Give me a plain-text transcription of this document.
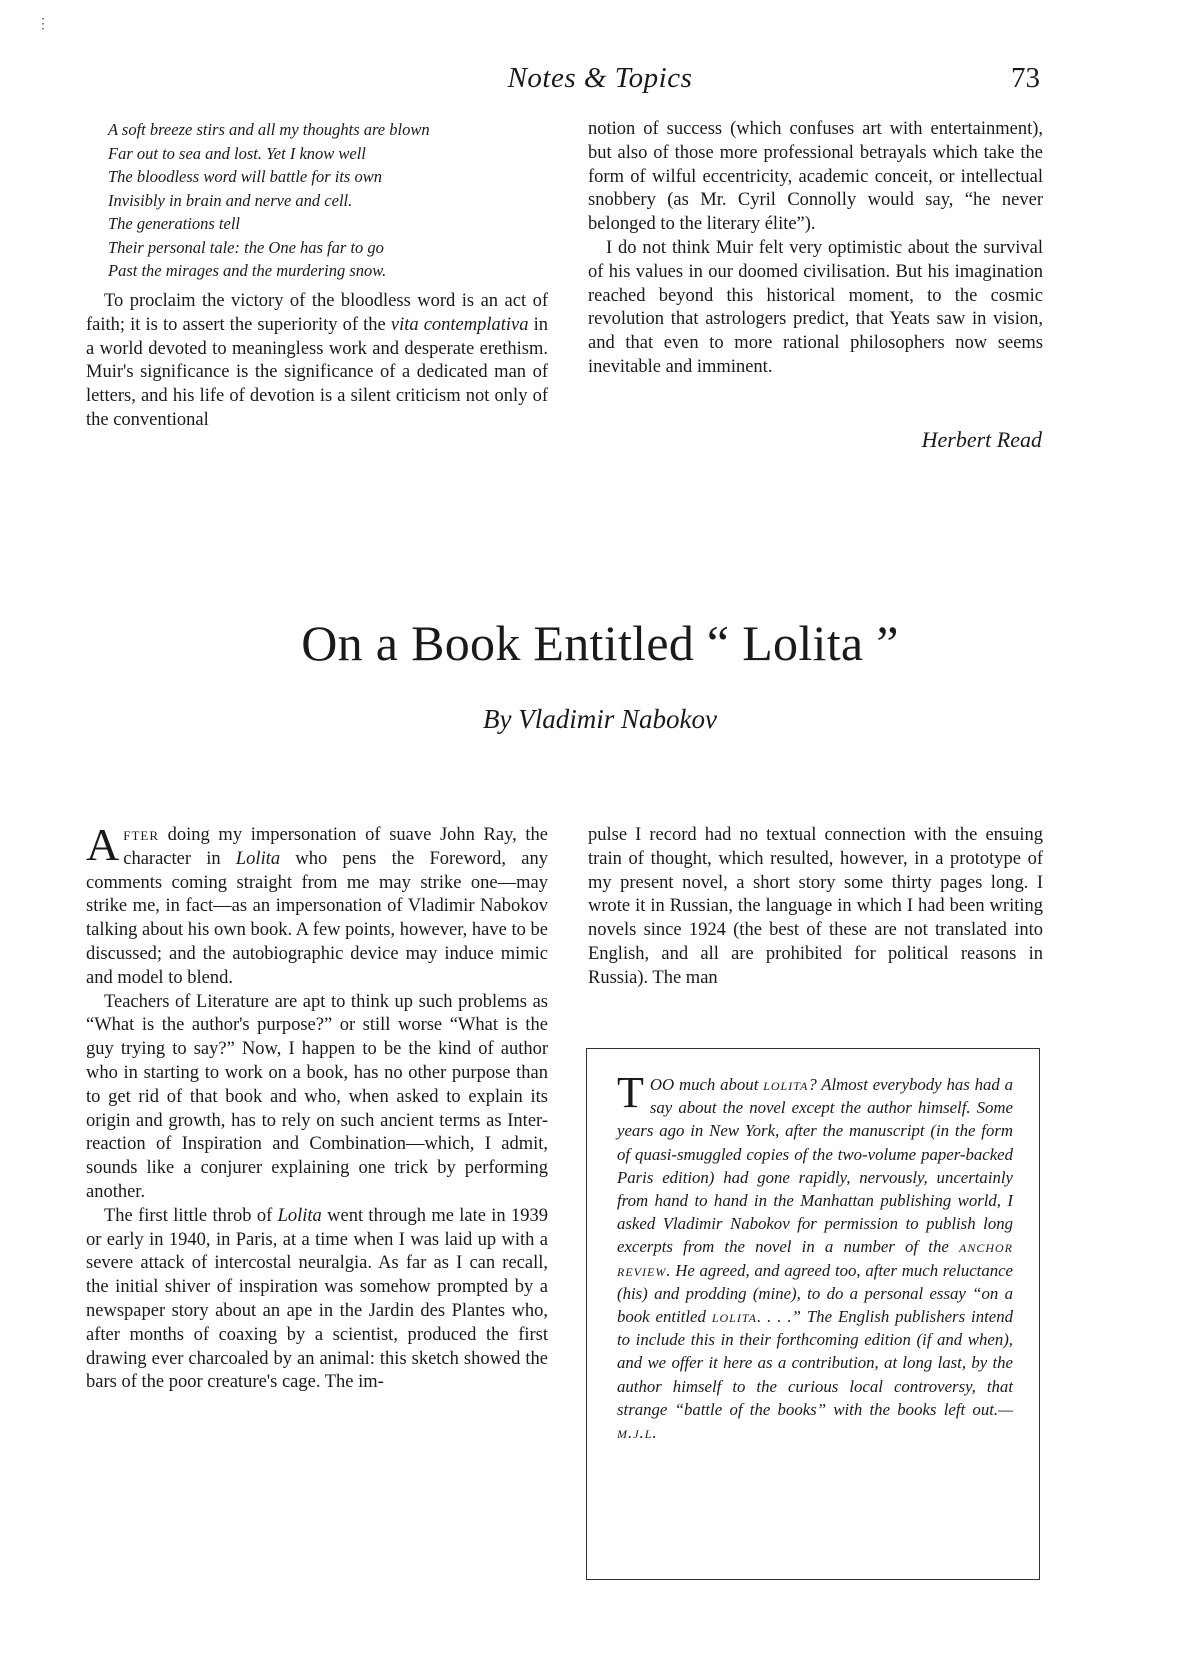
⋮
Notes & Topics	73
A soft breeze stirs and all my thoughts are blown
Far out to sea and lost. Yet I know well
The bloodless word will battle for its own
Invisibly in brain and nerve and cell.
The generations tell
Their personal tale: the One has far to go
Past the mirages and the murdering snow.

To proclaim the victory of the bloodless word is an act of faith; it is to assert the superiority of the vita contemplativa in a world devoted to meaningless work and desperate erethism. Muir's significance is the significance of a dedicated man of letters, and his life of devotion is a silent criticism not only of the conventional

notion of success (which confuses art with entertainment), but also of those more professional betrayals which take the form of wilful eccentricity, academic conceit, or intellectual snobbery (as Mr. Cyril Connolly would say, “he never belonged to the literary élite”).

I do not think Muir felt very optimistic about the survival of his values in our doomed civilisation. But his imagination reached beyond this historical moment, to the cosmic revolution that astrologers predict, that Yeats saw in vision, and that even to more rational philosophers now seems inevitable and imminent.

Herbert Read
On a Book Entitled “ Lolita ”
By Vladimir Nabokov

After doing my impersonation of suave John Ray, the character in Lolita who pens the Foreword, any comments coming straight from me may strike one—may strike me, in fact—as an impersonation of Vladimir Nabokov talking about his own book. A few points, however, have to be discussed; and the autobiographic device may induce mimic and model to blend.

Teachers of Literature are apt to think up such problems as “What is the author's purpose?” or still worse “What is the guy trying to say?” Now, I happen to be the kind of author who in starting to work on a book, has no other purpose than to get rid of that book and who, when asked to explain its origin and growth, has to rely on such ancient terms as Inter-reaction of Inspiration and Combination—which, I admit, sounds like a conjurer explaining one trick by performing another.

The first little throb of Lolita went through me late in 1939 or early in 1940, in Paris, at a time when I was laid up with a severe attack of intercostal neuralgia. As far as I can recall, the initial shiver of inspiration was somehow prompted by a newspaper story about an ape in the Jardin des Plantes who, after months of coaxing by a scientist, produced the first drawing ever charcoaled by an animal: this sketch showed the bars of the poor creature's cage. The im-

pulse I record had no textual connection with the ensuing train of thought, which resulted, however, in a prototype of my present novel, a short story some thirty pages long. I wrote it in Russian, the language in which I had been writing novels since 1924 (the best of these are not translated into English, and all are prohibited for political reasons in Russia). The man

TOO much about lolita? Almost everybody has had a say about the novel except the author himself. Some years ago in New York, after the manuscript (in the form of quasi-smuggled copies of the two-volume paper-backed Paris edition) had gone rapidly, nervously, uncertainly from hand to hand in the Manhattan publishing world, I asked Vladimir Nabokov for permission to publish long excerpts from the novel in a number of the anchor review. He agreed, and agreed too, after much reluctance (his) and prodding (mine), to do a personal essay “on a book entitled lolita. . . .” The English publishers intend to include this in their forthcoming edition (if and when), and we offer it here as a contribution, at long last, by the author himself to the curious local controversy, that strange “battle of the books” with the books left out.—m.j.l.
